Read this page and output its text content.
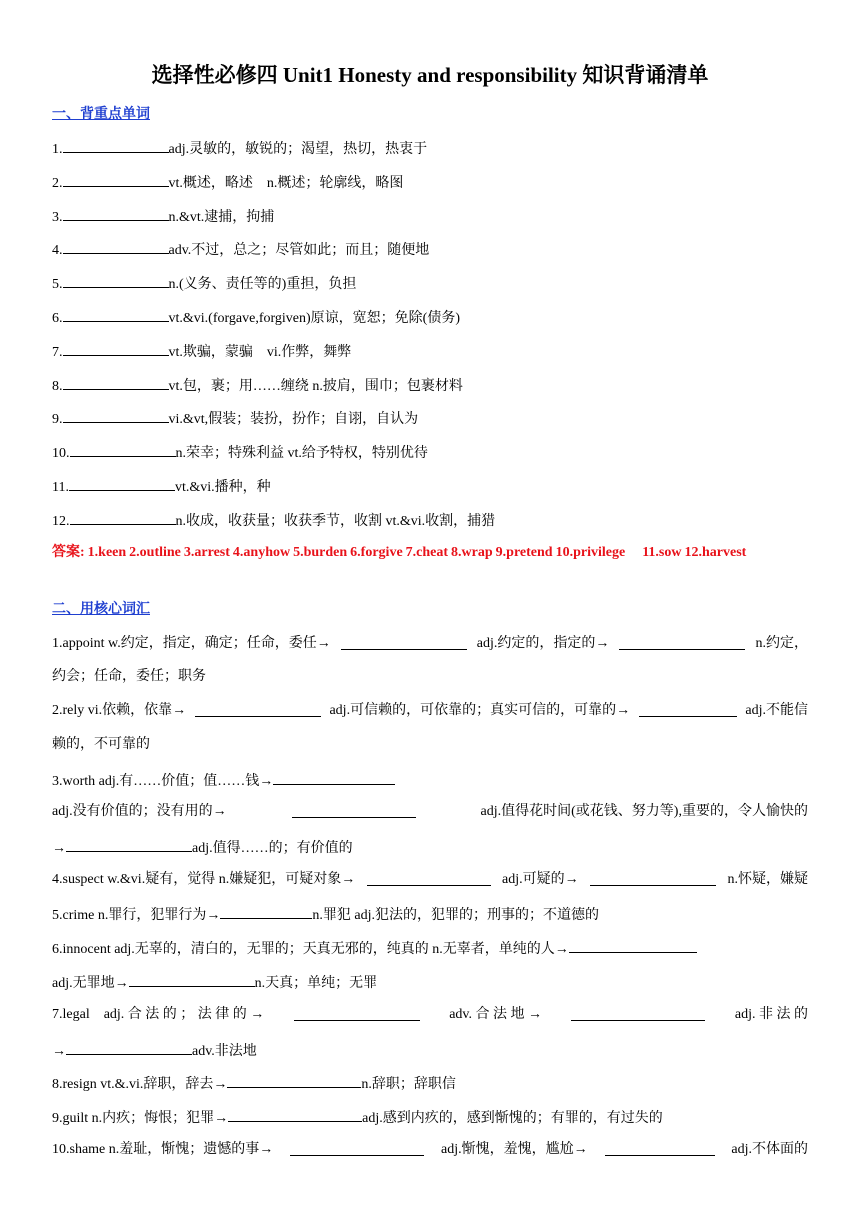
选择性必修四 Unit1 Honesty and responsibility 知识背诵清单
一、背重点单词
1.	adj.灵敏的，敏锐的；渴望，热切，热衷于
2.	vt.概述，略述　n.概述；轮廓线，略图
3.	n.&vt.逮捕，拘捕
4.	adv.不过，总之；尽管如此；而且；随便地
5.	n.(义务、责任等的)重担，负担
6.	vt.&vi.(forgave,forgiven)原谅，宽恕；免除(债务)
7.	vt.欺骗，蒙骗　vi.作弊，舞弊
8.	vt.包，裹；用……缠绕 n.披肩，围巾；包裹材料
9.	vi.&vt,假装；装扮，扮作；自诩，自认为
10.	n.荣幸；特殊利益 vt.给予特权，特别优待
11.	vt.&vi.播种，种
12.	n.收成，收获量；收获季节，收割 vt.&vi.收割，捕猎
答案: 1.keen 2.outline 3.arrest 4.anyhow 5.burden 6.forgive 7.cheat 8.wrap 9.pretend 10.privilege 11.sow 12.harvest
二、用核心词汇
1.appoint w.约定，指定，确定；任命，委任→	adj.约定的，指定的→	n.约定，
约会；任命，委任；职务
2.rely vi.依赖，依靠→	adj.可信赖的，可依靠的；真实可信的，可靠的→	adj.不能信
赖的，不可靠的
3.worth adj.有……价值；值……钱→
adj.没有价值的；没有用的→	adj.值得花时间(或花钱、努力等),重要的，令人愉快的
→	adj.值得……的；有价值的
4.suspect w.&vi.疑有，觉得 n.嫌疑犯，可疑对象→	adj.可疑的→	n.怀疑，嫌疑
5.crime n.罪行，犯罪行为→	n.罪犯 adj.犯法的，犯罪的；刑事的；不道德的
6.innocent adj.无辜的，清白的，无罪的；天真无邪的，纯真的 n.无辜者，单纯的人→
adj.无罪地→	n.天真；单纯；无罪
7.legal　adj. 合 法 的 ； 法 律 的 →	adv. 合 法 地 →	adj. 非 法 的
→	adv.非法地
8.resign vt.&.vi.辞职，辞去→	n.辞职；辞职信
9.guilt n.内疚；悔恨；犯罪→	adj.感到内疚的，感到惭愧的；有罪的，有过失的
10.shame n.羞耻，惭愧；遗憾的事→	adj.惭愧，羞愧，尴尬→	adj.不体面的
